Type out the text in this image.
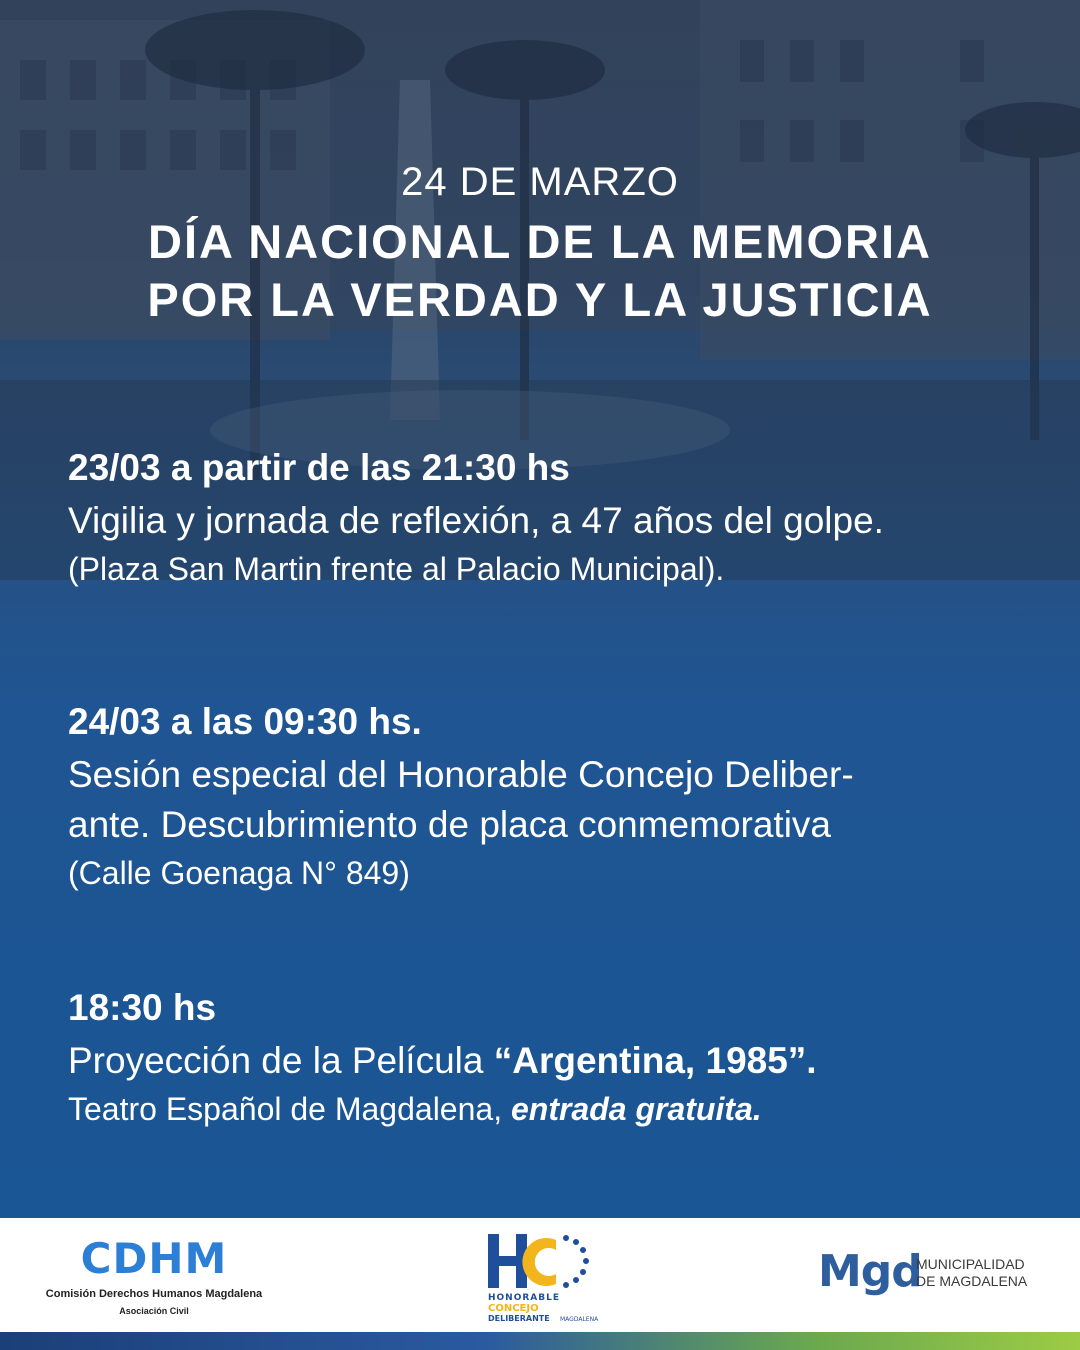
24 DE MARZO
DÍA NACIONAL DE LA MEMORIA
POR LA VERDAD Y LA JUSTICIA
23/03 a partir de las 21:30 hs
Vigilia y jornada de reflexión, a 47 años del golpe.
(Plaza San Martin frente al Palacio Municipal).
24/03 a las 09:30 hs.
Sesión especial del Honorable Concejo Deliber-
ante. Descubrimiento de placa conmemorativa
(Calle Goenaga N° 849)
18:30 hs
Proyección de la Película “Argentina, 1985”.
Teatro Español de Magdalena, entrada gratuita.
CDHM
Comisión Derechos Humanos Magdalena
Asociación Civil
HONORABLE
CONCEJO
DELIBERANTE MAGDALENA
Mgd
MUNICIPALIDAD
DE MAGDALENA
